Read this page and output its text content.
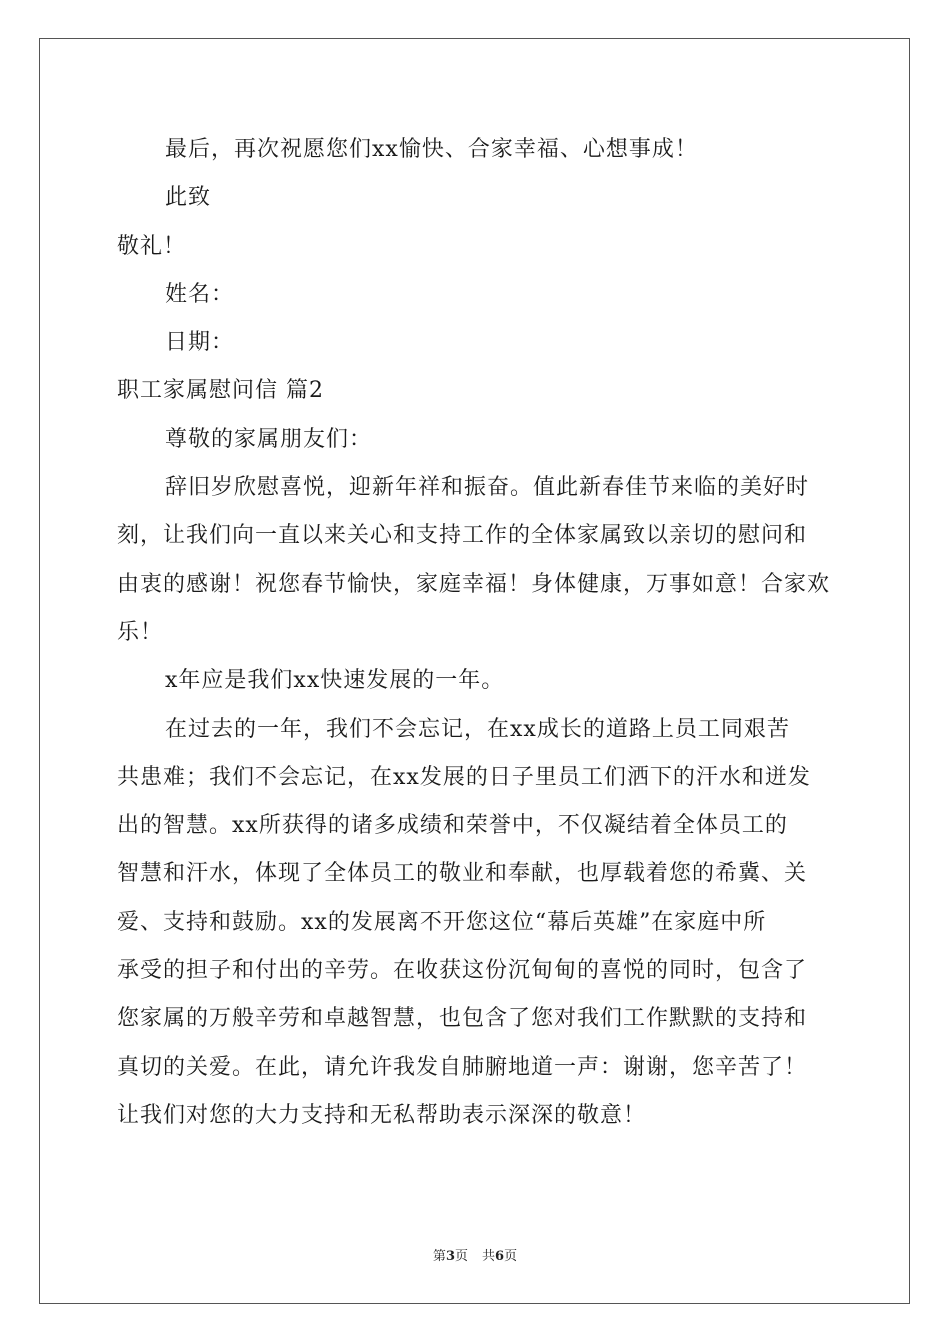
最后，再次祝愿您们xx愉快、合家幸福、心想事成！

此致

敬礼！

姓名：

日期：

职工家属慰问信 篇2

尊敬的家属朋友们：

辞旧岁欣慰喜悦，迎新年祥和振奋。值此新春佳节来临的美好时

刻，让我们向一直以来关心和支持工作的全体家属致以亲切的慰问和

由衷的感谢！祝您春节愉快，家庭幸福！身体健康，万事如意！合家欢

乐！

x年应是我们xx快速发展的一年。

在过去的一年，我们不会忘记，在xx成长的道路上员工同艰苦

共患难；我们不会忘记，在xx发展的日子里员工们洒下的汗水和迸发

出的智慧。xx所获得的诸多成绩和荣誉中，不仅凝结着全体员工的

智慧和汗水，体现了全体员工的敬业和奉献，也厚载着您的希冀、关

爱、支持和鼓励。xx的发展离不开您这位“幕后英雄”在家庭中所

承受的担子和付出的辛劳。在收获这份沉甸甸的喜悦的同时，包含了

您家属的万般辛劳和卓越智慧，也包含了您对我们工作默默的支持和

真切的关爱。在此，请允许我发自肺腑地道一声：谢谢，您辛苦了！

让我们对您的大力支持和无私帮助表示深深的敬意！

第3页 共6页
